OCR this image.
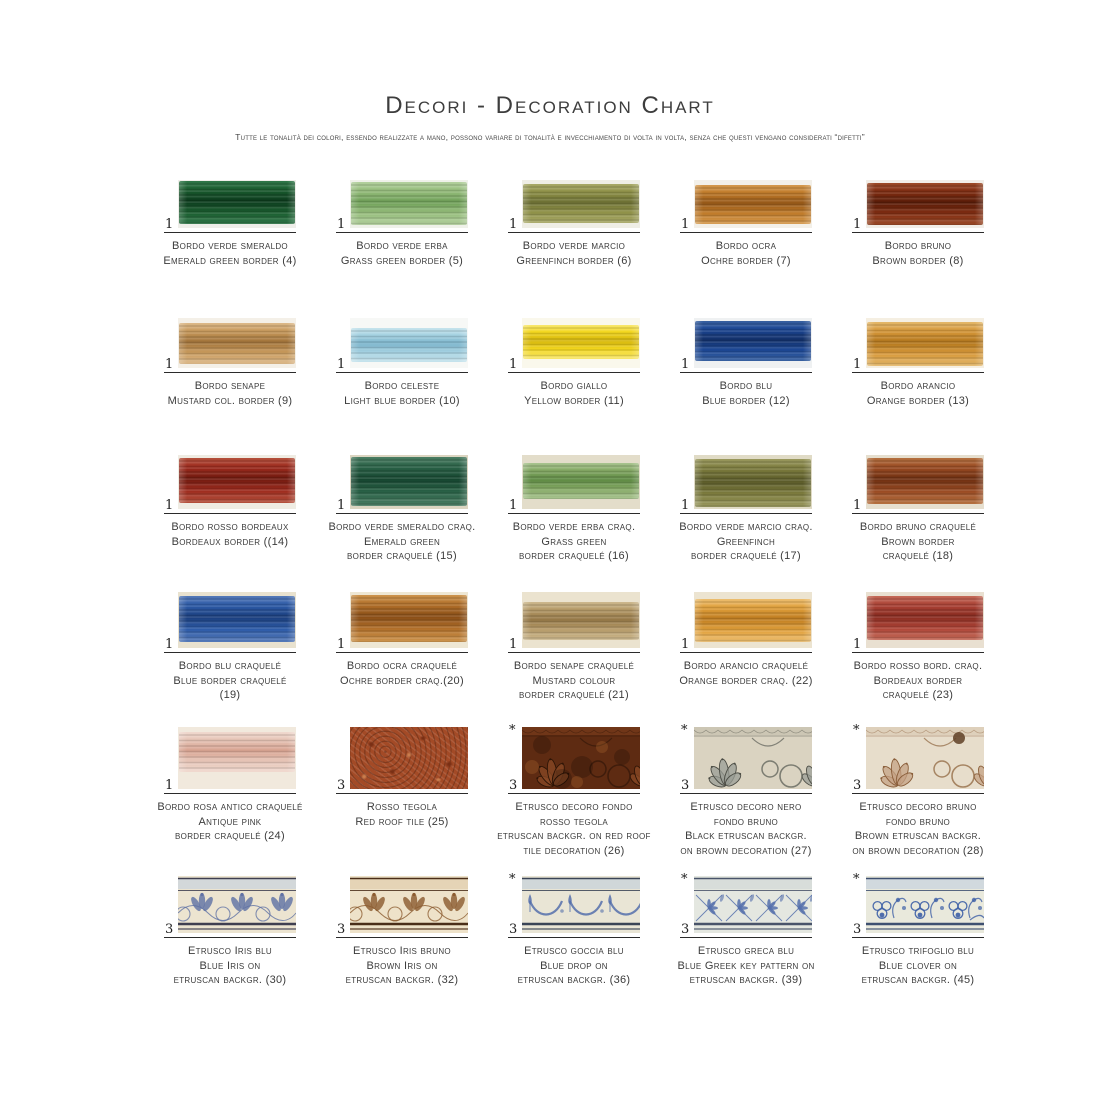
Decori - Decoration Chart
Tutte le tonalità dei colori, essendo realizzate a mano, possono variare di tonalità e invecchiamento di volta in volta, senza che questi vengano considerati “difetti”
1
Bordo verde smeraldo
Emerald green border (4)
1
Bordo verde erba
Grass green border (5)
1
Bordo verde marcio
Greenfinch border (6)
1
Bordo ocra
Ochre border (7)
1
Bordo bruno
Brown border (8)
1
Bordo senape
Mustard col. border (9)
1
Bordo celeste
Light blue border (10)
1
Bordo giallo
Yellow border (11)
1
Bordo blu
Blue border (12)
1
Bordo arancio
Orange border (13)
1
Bordo rosso bordeaux
Bordeaux border ((14)
1
Bordo verde smeraldo craq.
Emerald green
border craquelé (15)
1
Bordo verde erba craq.
Grass green
border craquelé (16)
1
Bordo verde marcio craq.
Greenfinch
border craquelé (17)
1
Bordo bruno craquelé
Brown border
craquelé (18)
1
Bordo blu craquelé
Blue border craquelé
(19)
1
Bordo ocra craquelé
Ochre border craq.(20)
1
Bordo senape craquelé
Mustard colour
border craquelé (21)
1
Bordo arancio craquelé
Orange border craq. (22)
1
Bordo rosso bord. craq.
Bordeaux border
craquelé (23)
1
Bordo rosa antico craquelé
Antique pink
border craquelé (24)
3
Rosso tegola
Red roof tile (25)
*
3
Etrusco decoro fondo
rosso tegola
etruscan backgr. on red roof
tile decoration (26)
*
3
Etrusco decoro nero
fondo bruno
Black etruscan backgr.
on brown decoration (27)
*
3
Etrusco decoro bruno
fondo bruno
Brown etruscan backgr.
on brown decoration (28)
3
Etrusco Iris blu
Blue Iris on
etruscan backgr. (30)
3
Etrusco Iris bruno
Brown Iris on
etruscan backgr. (32)
*
3
Etrusco goccia blu
Blue drop on
etruscan backgr. (36)
*
3
Etrusco greca blu
Blue Greek key pattern on
etruscan backgr. (39)
*
3
Etrusco trifoglio blu
Blue clover on
etruscan backgr. (45)
